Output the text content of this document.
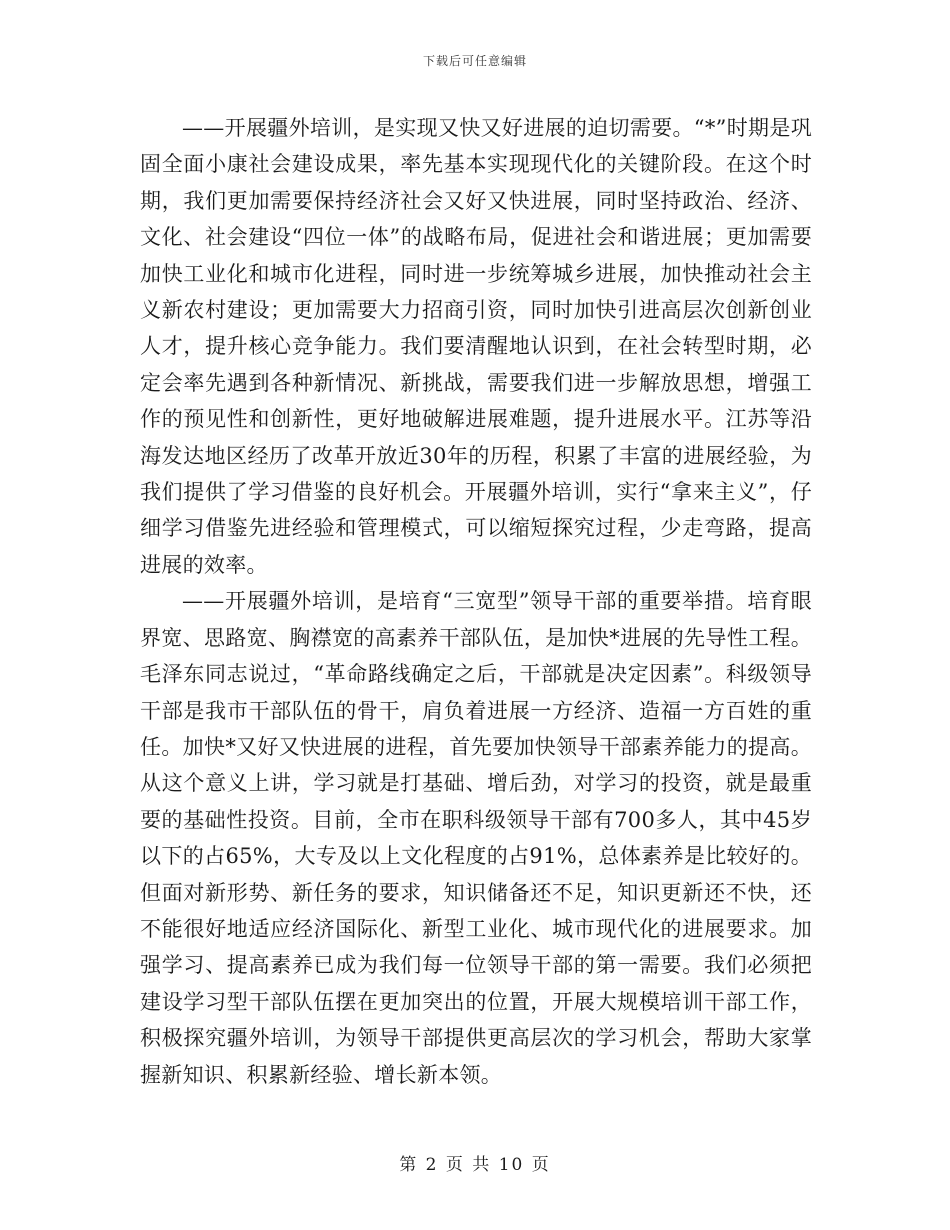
下载后可任意编辑

——开展疆外培训，是实现又快又好进展的迫切需要。“*”时期是巩固全面小康社会建设成果，率先基本实现现代化的关键阶段。在这个时期，我们更加需要保持经济社会又好又快进展，同时坚持政治、经济、文化、社会建设“四位一体”的战略布局，促进社会和谐进展；更加需要加快工业化和城市化进程，同时进一步统筹城乡进展，加快推动社会主义新农村建设；更加需要大力招商引资，同时加快引进高层次创新创业人才，提升核心竞争能力。我们要清醒地认识到，在社会转型时期，必定会率先遇到各种新情况、新挑战，需要我们进一步解放思想，增强工作的预见性和创新性，更好地破解进展难题，提升进展水平。江苏等沿海发达地区经历了改革开放近30年的历程，积累了丰富的进展经验，为我们提供了学习借鉴的良好机会。开展疆外培训，实行“拿来主义”，仔细学习借鉴先进经验和管理模式，可以缩短探究过程，少走弯路，提高进展的效率。

——开展疆外培训，是培育“三宽型”领导干部的重要举措。培育眼界宽、思路宽、胸襟宽的高素养干部队伍，是加快*进展的先导性工程。毛泽东同志说过，“革命路线确定之后，干部就是决定因素”。科级领导干部是我市干部队伍的骨干，肩负着进展一方经济、造福一方百姓的重任。加快*又好又快进展的进程，首先要加快领导干部素养能力的提高。从这个意义上讲，学习就是打基础、增后劲，对学习的投资，就是最重要的基础性投资。目前，全市在职科级领导干部有700多人，其中45岁以下的占65%，大专及以上文化程度的占91%，总体素养是比较好的。但面对新形势、新任务的要求，知识储备还不足，知识更新还不快，还不能很好地适应经济国际化、新型工业化、城市现代化的进展要求。加强学习、提高素养已成为我们每一位领导干部的第一需要。我们必须把建设学习型干部队伍摆在更加突出的位置，开展大规模培训干部工作，积极探究疆外培训，为领导干部提供更高层次的学习机会，帮助大家掌握新知识、积累新经验、增长新本领。

第 2 页 共 10 页
